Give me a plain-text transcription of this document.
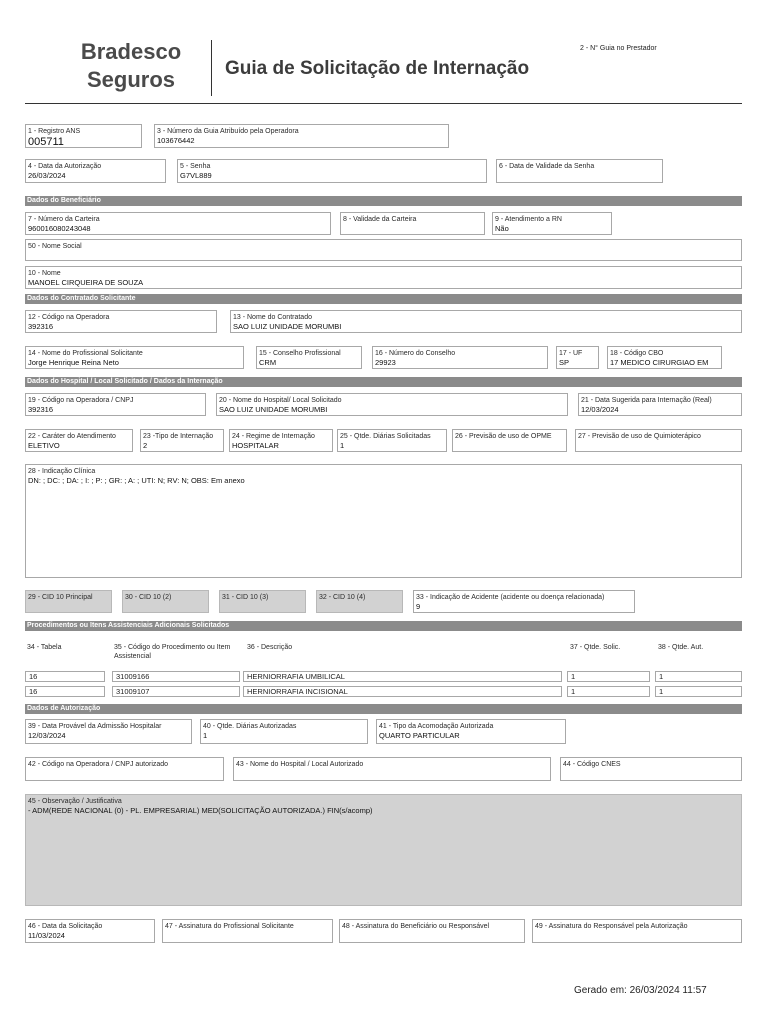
Bradesco
Seguros	Guia de Solicitação de Internação
2 - N° Guia no Prestador
1 - Registro ANS
005711
3 - Número da Guia Atribuído pela Operadora
103676442
4 - Data da Autorização
26/03/2024
5 - Senha
G7VL889
6 - Data de Validade da Senha
Dados do Beneficiário
7 - Número da Carteira
960016080243048
8 - Validade da Carteira	9 - Atendimento a RN
Não
50 - Nome Social
10 - Nome
MANOEL CIRQUEIRA DE SOUZA
Dados do Contratado Solicitante
12 - Código na Operadora
392316
13 - Nome do Contratado
SAO LUIZ UNIDADE MORUMBI
14 - Nome do Profissional Solicitante
Jorge Henrique Reina Neto
15 - Conselho Profissional
CRM
16 - Número do Conselho
29923
17 - UF
SP
18 - Código CBO
17 MEDICO CIRURGIAO EM
Dados do Hospital / Local Solicitado / Dados da Internação
19 - Código na Operadora / CNPJ
392316
20 - Nome do Hospital/ Local Solicitado
SAO LUIZ UNIDADE MORUMBI
21 - Data Sugerida para Internação (Real)
12/03/2024
22 - Caráter do Atendimento
ELETIVO
23 -Tipo de Internação
2
24 - Regime de Internação
HOSPITALAR
25 - Qtde. Diárias Solicitadas
1
26 - Previsão de uso de OPME	27 - Previsão de uso de Quimioterápico
28 - Indicação Clínica
DN: ; DC: ; DA: ; I: ; P: ; GR: ; A: ; UTI: N; RV: N; OBS: Em anexo
29 - CID 10 Principal	30 - CID 10 (2)	31 - CID 10 (3)	32 - CID 10 (4)	33 - Indicação de Acidente (acidente ou doença relacionada)
9
Procedimentos ou Itens Assistenciais Adicionais Solicitados
34 - Tabela	35 - Código do Procedimento ou Item Assistencial
36 - Descrição	37 - Qtde. Solic.	38 - Qtde. Aut.
16	31009166	HERNIORRAFIA UMBILICAL	1	1
16	31009107	HERNIORRAFIA INCISIONAL	1	1
Dados de Autorização
39 - Data Provável da Admissão Hospitalar
12/03/2024
40 - Qtde. Diárias Autorizadas
1
41 - Tipo da Acomodação Autorizada
QUARTO PARTICULAR
42 - Código na Operadora / CNPJ autorizado	43 - Nome do Hospital / Local Autorizado	44 - Código CNES
45 - Observação / Justificativa
- ADM(REDE NACIONAL (0) - PL. EMPRESARIAL) MED(SOLICITAÇÃO AUTORIZADA.) FIN(s/acomp)
46 - Data da Solicitação
11/03/2024
47 - Assinatura do Profissional Solicitante	48 - Assinatura do Beneficiário ou Responsável	49 - Assinatura do Responsável pela Autorização
Gerado em: 26/03/2024 11:57
